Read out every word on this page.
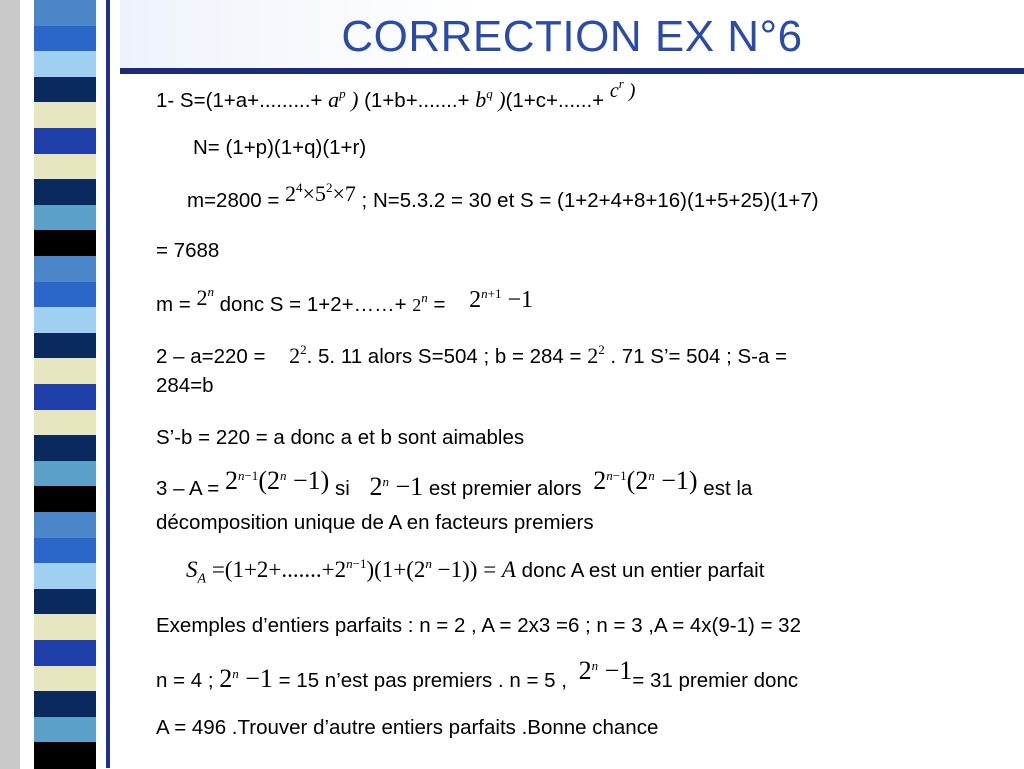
CORRECTION EX N°6
1- $S=(1+a+.........+ a^p$ ) ($1+b+.......+ b^q$ )($1+c+......+ c^r$ )
N= (1+p)(1+q)(1+r)
$m=2800 = 2^4\times 5^2\times 7$ ; N=5.3.2 = 30 et S = (1+2+4+8+16)(1+5+25)(1+7)
= 7688
$m = 2^n$ donc S = 1+2+……+ $2^n = 2^{n+1} -1$
$2 - a=220 = 2^2$. 5. 11 alors S=504 ; $b = 284 = 2^2$ . 71 S’= 504 ; S-a =
284=b
S’-b = 220 = a donc a et b sont aimables
$3 - A = 2^{n-1}(2^n -1)$ si $2^n -1$ est premier alors $2^{n-1}(2^n -1)$ est la
décomposition unique de A en facteurs premiers
$S_A =(1+2+.......+2^{n-1})(1+(2^n -1)) = A$ donc A est un entier parfait
Exemples d’entiers parfaits : n = 2 , A = 2x3 =6 ; n = 3 ,A = 4x(9-1) = 32
n = 4 ; $2^n -1 = 15$ n’est pas premiers . n = 5 , $2^n -1= 31$ premier donc
A = 496 .Trouver d’autre entiers parfaits .Bonne chance
